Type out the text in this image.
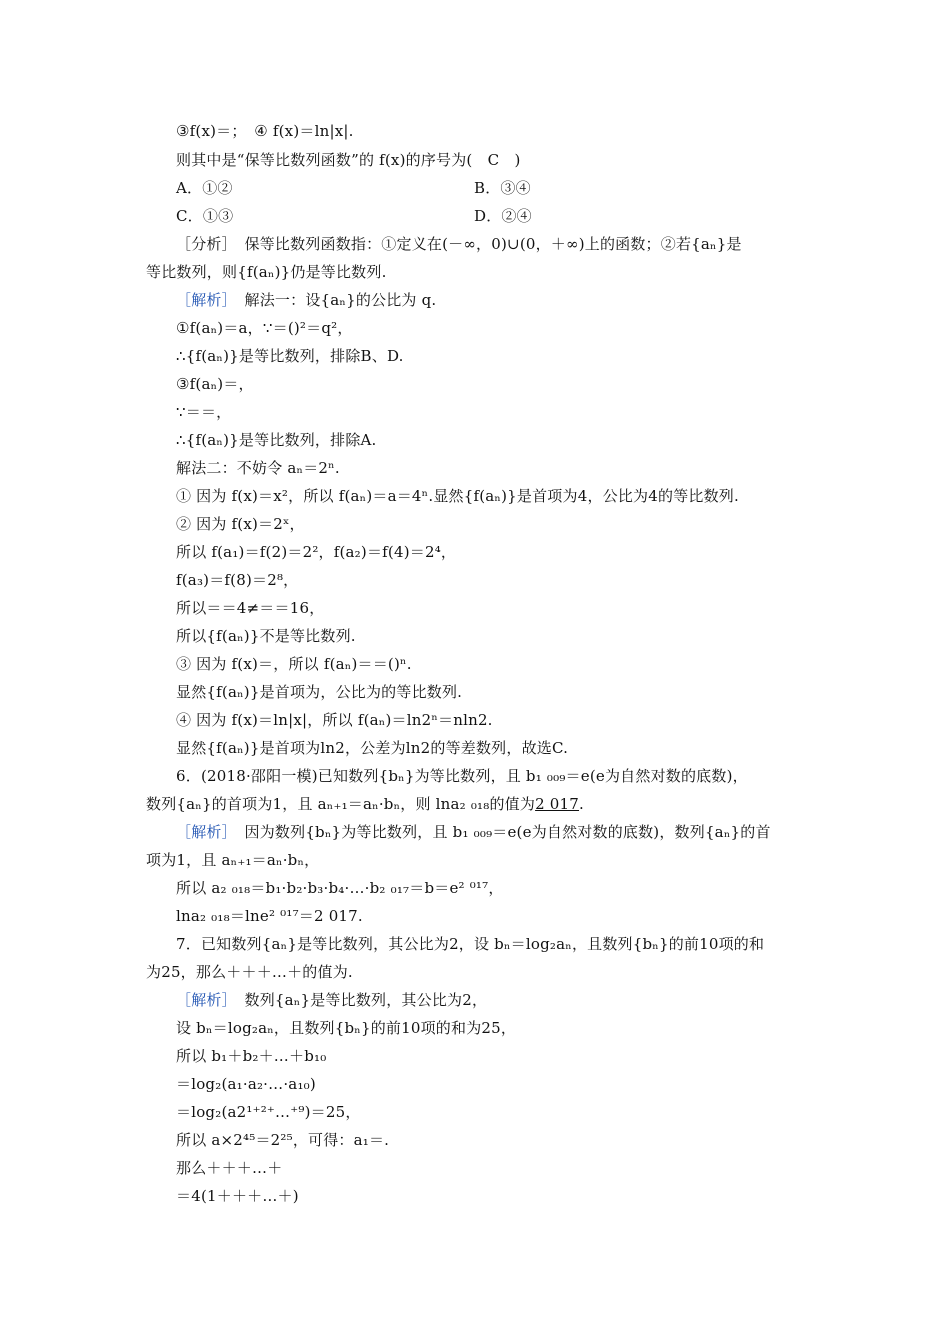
③f(x)＝；　④ f(x)＝ln|x|.
则其中是“保等比数列函数”的 f(x)的序号为(　C　)
A．①②	B．③④
C．①③	D．②④
［分析］　保等比数列函数指：①定义在(－∞，0)∪(0，＋∞)上的函数；②若{aₙ}是
等比数列，则{f(aₙ)}仍是等比数列.
［解析］　解法一：设{aₙ}的公比为 q.
①f(aₙ)＝a，∵＝()²＝q²，
∴{f(aₙ)}是等比数列，排除B、D.
③f(aₙ)＝，
∵＝＝，
∴{f(aₙ)}是等比数列，排除A.
解法二：不妨令 aₙ＝2ⁿ.
① 因为 f(x)＝x²，所以 f(aₙ)＝a＝4ⁿ.显然{f(aₙ)}是首项为4，公比为4的等比数列.
② 因为 f(x)＝2ˣ，
所以 f(a₁)＝f(2)＝2²，f(a₂)＝f(4)＝2⁴，
f(a₃)＝f(8)＝2⁸，
所以＝＝4≠＝＝16，
所以{f(aₙ)}不是等比数列.
③ 因为 f(x)＝，所以 f(aₙ)＝＝()ⁿ.
显然{f(aₙ)}是首项为，公比为的等比数列.
④ 因为 f(x)＝ln|x|，所以 f(aₙ)＝ln2ⁿ＝nln2.
显然{f(aₙ)}是首项为ln2，公差为ln2的等差数列，故选C.
6．(2018·邵阳一模)已知数列{bₙ}为等比数列，且 b₁ ₀₀₉＝e(e为自然对数的底数)，
数列{aₙ}的首项为1，且 aₙ₊₁＝aₙ·bₙ，则 lna₂ ₀₁₈的值为2 017.
［解析］　因为数列{bₙ}为等比数列，且 b₁ ₀₀₉＝e(e为自然对数的底数)，数列{aₙ}的首
项为1，且 aₙ₊₁＝aₙ·bₙ，
所以 a₂ ₀₁₈＝b₁·b₂·b₃·b₄·…·b₂ ₀₁₇＝b＝e² ⁰¹⁷，
lna₂ ₀₁₈＝lne² ⁰¹⁷＝2 017.
7．已知数列{aₙ}是等比数列，其公比为2，设 bₙ＝log₂aₙ，且数列{bₙ}的前10项的和
为25，那么＋＋＋…＋的值为.
［解析］　数列{aₙ}是等比数列，其公比为2，
设 bₙ＝log₂aₙ，且数列{bₙ}的前10项的和为25，
所以 b₁＋b₂＋…＋b₁₀
＝log₂(a₁·a₂·…·a₁₀)
＝log₂(a2¹⁺²⁺…⁺⁹)＝25，
所以 a×2⁴⁵＝2²⁵，可得：a₁＝.
那么＋＋＋…＋
＝4(1＋＋＋…＋)
